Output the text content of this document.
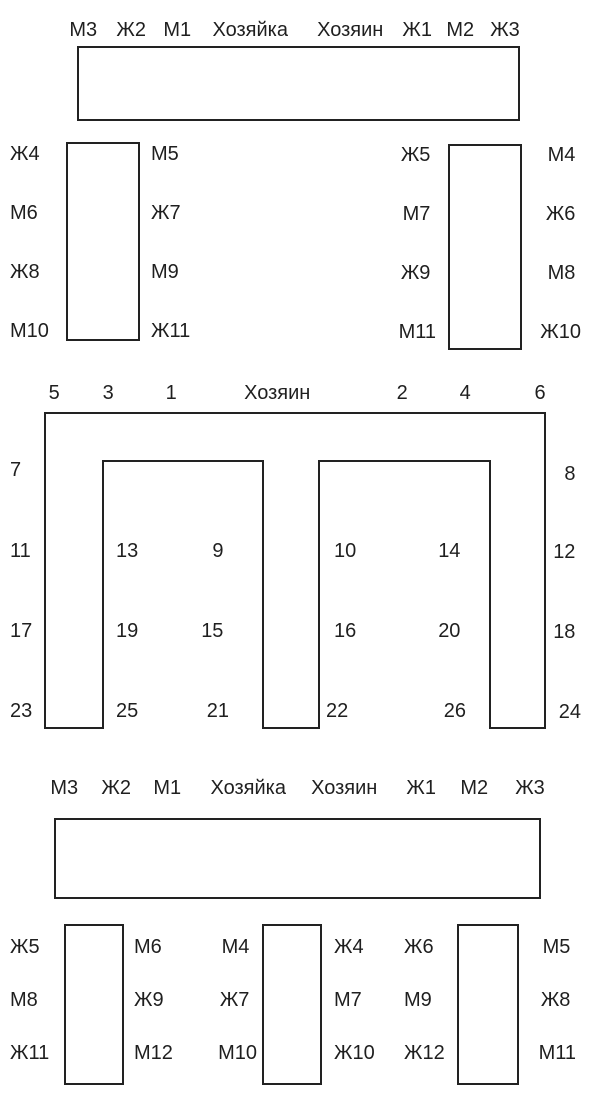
М3 Ж2 М1 Хозяйка Хозяин Ж1 М2 Ж3
Ж4 М6 Ж8 М10
М5 Ж7 М9 Ж11
Ж5 М7 Ж9 М11
М4 Ж6 М8 Ж10
5 3	1	Хозяин	2	4	6
7 11 17 23
8 12 18 24
13 19 25
9 15 21
10 16 22
14 20 26
М3 Ж2 М1 Хозяйка Хозяин Ж1 М2 Ж3
Ж5 М8 Ж11
М6 Ж9 М12
М4 Ж7 М10
Ж4 М7 Ж10
Ж6 М9 Ж12
М5 Ж8 М11
